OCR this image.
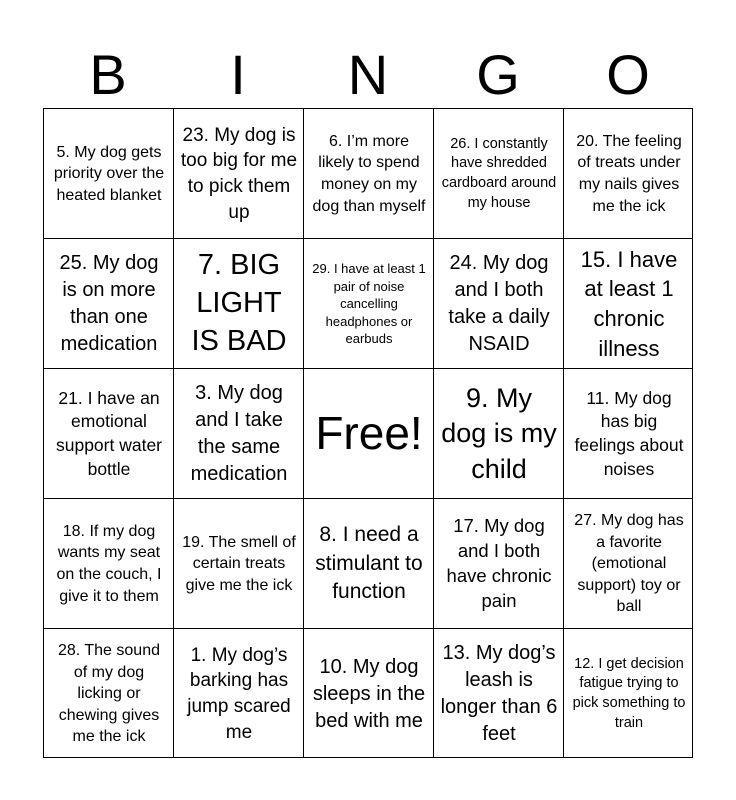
B	I	N	G	O
5. My dog gets priority over the heated blanket
23. My dog is too big for me to pick them up
6. I’m more likely to spend money on my dog than myself
26. I constantly have shredded cardboard around my house
20. The feeling of treats under my nails gives me the ick
25. My dog is on more than one medication
7. BIG LIGHT IS BAD
29. I have at least 1 pair of noise cancelling headphones or earbuds
24. My dog and I both take a daily NSAID
15. I have at least 1 chronic illness
21. I have an emotional support water bottle
3. My dog and I take the same medication
Free!
9. My dog is my child
11. My dog has big feelings about noises
18. If my dog wants my seat on the couch, I give it to them
19. The smell of certain treats give me the ick
8. I need a stimulant to function
17. My dog and I both have chronic pain
27. My dog has a favorite (emotional support) toy or ball
28. The sound of my dog licking or chewing gives me the ick
1. My dog’s barking has jump scared me
10. My dog sleeps in the bed with me
13. My dog’s leash is longer than 6 feet
12. I get decision fatigue trying to pick something to train
